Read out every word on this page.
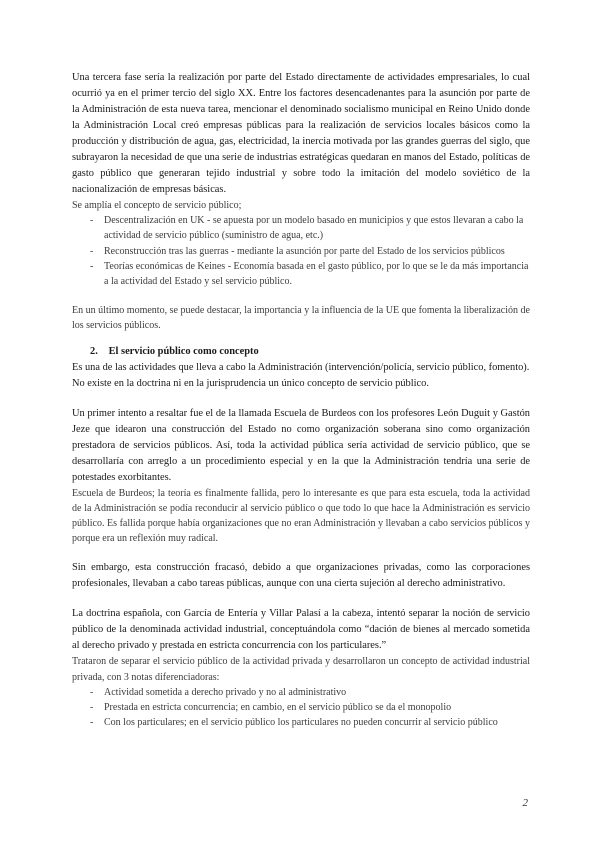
Una tercera fase sería la realización por parte del Estado directamente de actividades empresariales, lo cual ocurrió ya en el primer tercio del siglo XX. Entre los factores desencadenantes para la asunción por parte de la Administración de esta nueva tarea, mencionar el denominado socialismo municipal en Reino Unido donde la Administración Local creó empresas públicas para la realización de servicios locales básicos como la producción y distribución de agua, gas, electricidad, la inercia motivada por las grandes guerras del siglo, que subrayaron la necesidad de que una serie de industrias estratégicas quedaran en manos del Estado, políticas de gasto público que generaran tejido industrial y sobre todo la imitación del modelo soviético de la nacionalización de empresas básicas.

Se amplía el concepto de servicio público;

- Descentralización en UK - se apuesta por un modelo basado en municipios y que estos llevaran a cabo la actividad de servicio público (suministro de agua, etc.)
- Reconstrucción tras las guerras - mediante la asunción por parte del Estado de los servicios públicos
- Teorías económicas de Keines - Economía basada en el gasto público, por lo que se le da más importancia a la actividad del Estado y sel servicio público.

En un último momento, se puede destacar, la importancia y la influencia de la UE que fomenta la liberalización de los servicios públicos.

2. El servicio público como concepto

Es una de las actividades que lleva a cabo la Administración (intervención/policía, servicio público, fomento).

No existe en la doctrina ni en la jurisprudencia un único concepto de servicio público.

Un primer intento a resaltar fue el de la llamada Escuela de Burdeos con los profesores León Duguit y Gastón Jeze que idearon una construcción del Estado no como organización soberana sino como organización prestadora de servicios públicos. Así, toda la actividad pública sería actividad de servicio público, que se desarrollaría con arreglo a un procedimiento especial y en la que la Administración tendría una serie de potestades exorbitantes.

Escuela de Burdeos; la teoría es finalmente fallida, pero lo interesante es que para esta escuela, toda la actividad de la Administración se podía reconducir al servicio público o que todo lo que hace la Administración es servicio público. Es fallida porque había organizaciones que no eran Administración y llevaban a cabo servicios públicos y porque era un reflexión muy radical.

Sin embargo, esta construcción fracasó, debido a que organizaciones privadas, como las corporaciones profesionales, llevaban a cabo tareas públicas, aunque con una cierta sujeción al derecho administrativo.

La doctrina española, con García de Entería y Villar Palasí a la cabeza, intentó separar la noción de servicio público de la denominada actividad industrial, conceptuándola como “dación de bienes al mercado sometida al derecho privado y prestada en estricta concurrencia con los particulares.”

Trataron de separar el servicio público de la actividad privada y desarrollaron un concepto de actividad industrial privada, con 3 notas diferenciadoras:

- Actividad sometida a derecho privado y no al administrativo
- Prestada en estricta concurrencia; en cambio, en el servicio público se da el monopolio
- Con los particulares; en el servicio público los particulares no pueden concurrir al servicio público
2
